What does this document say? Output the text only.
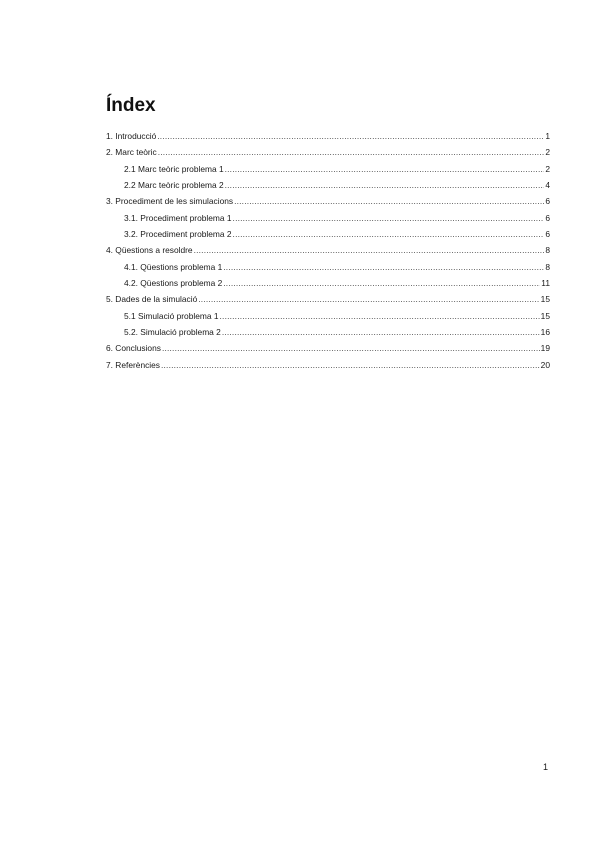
Índex
1. Introducció .....	1
2. Marc teòric .....	2
2.1 Marc teòric problema 1 .....	2
2.2 Marc teòric problema 2 .....	4
3. Procediment de les simulacions .....	6
3.1. Procediment problema 1 .....	6
3.2. Procediment problema 2 .....	6
4. Qüestions a resoldre .....	8
4.1. Qüestions problema 1 .....	8
4.2. Qüestions problema 2 .....	11
5. Dades de la simulació .....	15
5.1 Simulació problema 1 .....	15
5.2. Simulació problema 2 .....	16
6. Conclusions .....	19
7. Referències .....	20
1
